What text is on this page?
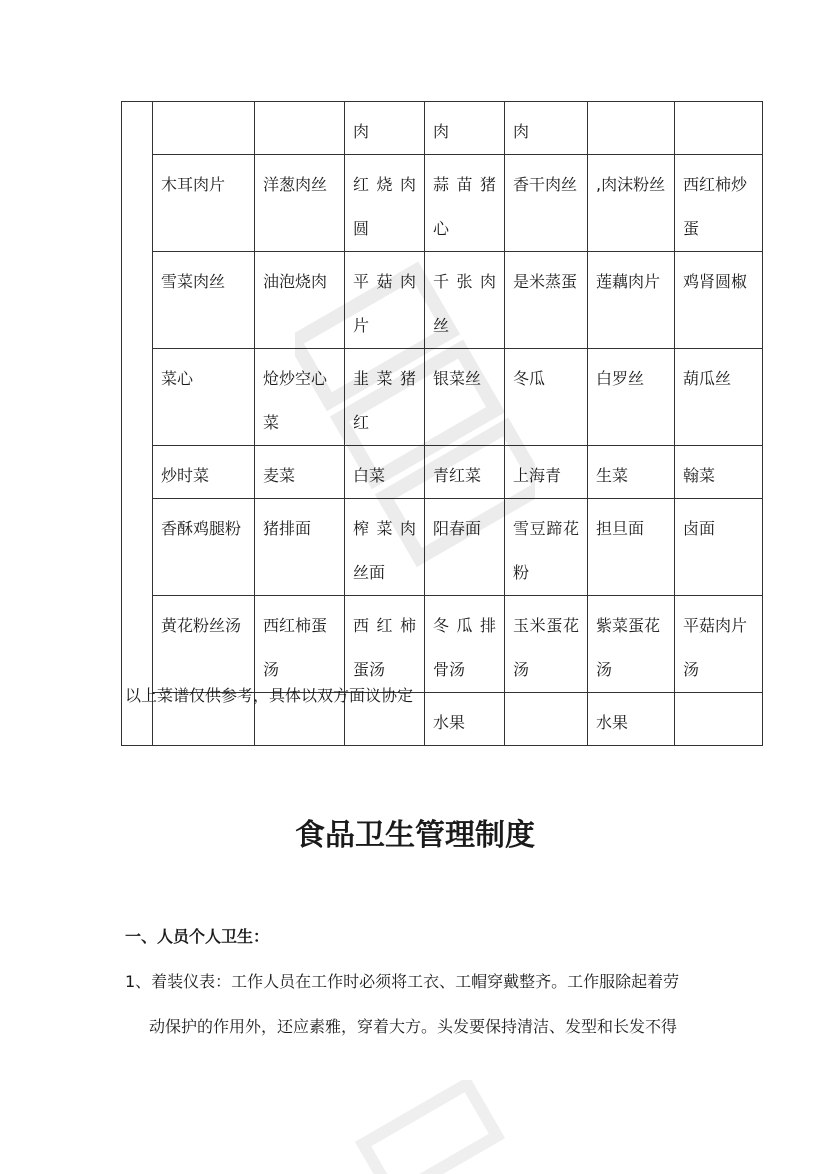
			肉	肉	肉		
	木耳肉片	洋葱肉丝	红烧肉圆	蒜苗猪心	香干肉丝	,肉沫粉丝	西红柿炒蛋
	雪菜肉丝	油泡烧肉	平菇肉片	千张肉丝	是米蒸蛋	莲藕肉片	鸡肾圆椒
	菜心	炝炒空心菜	韭菜猪红	银菜丝	冬瓜	白罗丝	葫瓜丝
	炒时菜	麦菜	白菜	青红菜	上海青	生菜	翰菜
	香酥鸡腿粉	猪排面	榨菜肉丝面	阳春面	雪豆蹄花粉	担旦面	卤面
	黄花粉丝汤	西红柿蛋汤	西红柿蛋汤	冬瓜排骨汤	玉米蛋花汤	紫菜蛋花汤	平菇肉片汤
				水果		水果	
以上菜谱仅供参考，具体以双方面议协定
食品卫生管理制度
一、人员个人卫生：
1、着装仪表：工作人员在工作时必须将工衣、工帽穿戴整齐。工作服除起着劳
动保护的作用外，还应素雅，穿着大方。头发要保持清洁、发型和长发不得
